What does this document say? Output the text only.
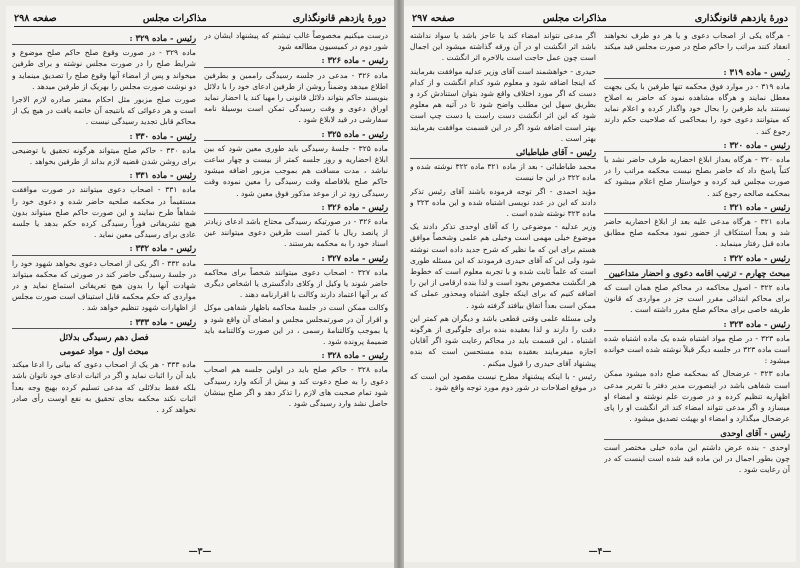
دورهٔ یازدهم قانونگذاری
مذاکرات مجلس
صفحه ۲۹۸

درست میکنیم مخصوصاً غالب تیشتم که پیشنهاد ایشان در شور دوم در کمیسیون مطالعه شود

رئیس - ماده ۳۲۶ :

ماده ۳۲۶ - مدعی در جلسه رسیدگی راممین و بطرفین اطلاع میدهد وضمناً روشن از طرفین ادعای خود را با دلائل بنویسند حاکم بتواند دلائل قانونی را مهیا کند یا احضار نماید اوراق دعوی و وقت رسیدگی تمکن است بوسیلهٔ نامه سفارشی در قید لابلاغ شود .

رئیس - ماده ۳۲۵ :

ماده ۳۲۵ - جلسهٔ رسیدگی باید طوری معین شود که بین ابلاغ احضاریه و روز جلسه کمتر از بیست و چهار ساعت نباشد ، مدت مسافت هم بموجب مزبور اضافه میشود حاکم صلح بلافاصله وقت رسیدگی را معین نموده وقت رسیدگی زود تر از موعد مذکور فوق معین شود .

رئیس - ماده ۳۲۶ :

ماده ۳۲۶ - در صورتیکه رسیدگی محتاج باشد ادعای زیادتر از پانصد ریال با کمتر است طرفین دعوی میتوانند عین اسناد خود را به محکمه بفرستند .

رئیس - ماده ۳۲۷ :

ماده ۳۲۷ - اصحاب دعوی میتوانند شخصاً برای محاکمه حاضر شوند یا وکیل از وکلای دادگستری یا اشخاص دیگری که بر آنها اعتماد دارند وکالت با اقرارنامه دهند .

وکالت ممکن است در جلسهٔ محاکمه باظهار شفاهی موکل و اقرار آن در صورتمجلس مجلس و امضای آن واقع شود و یا بموجب وکالتنامهٔ رسمی ، در این صورت وکالتنامه باید ضمیمهٔ پرونده شود .

رئیس - ماده ۳۲۸ :

ماده ۳۲۸ - حاکم صلح باید در اولین جلسه هم اصحاب دعوی را به صلح دعوت کند و بیش از آنکه وارد رسیدگی شود تمام صحبت های لازم را تذکر دهد و اگر صلح بینشان حاصل نشد وارد رسیدگی شود .

رئیس - ماده ۳۲۹ :

ماده ۳۲۹ - در صورت وقوع صلح حاکم صلح موضوع و شرایط صلح را در صورت مجلس نوشته و برای طرفین میخواند و پس از امضاء آنها وقوع صلح را تصدیق مینماید و دو نوشت صورت مجلس را بهریک از طرفین میدهد .

صورت صلح مزبور مثل احکام معتبر صادره لازم الاجرا است و هر دعوائی که بانتیجه آن خاتمه یافت در هیچ یک از محاکم قابل تجدید رسیدگی نیست .

رئیس - ماده ۳۳۰ :

ماده ۳۳۰ - حاکم صلح میتواند هرگونه تحقیق یا توضیحی برای روشن شدن قضیه لازم بداند از طرفین بخواهد .

رئیس - ماده ۳۳۱ :

ماده ۳۳۱ - اصحاب دعوی میتوانند در صورت موافقت مستقیماً در محکمه صلحیه حاضر شده و دعوی خود را شفاهاً طرح نمایند و این صورت حاکم صلح میتواند بدون هیچ تشریفاتی فوراً رسیدگی کرده حکم بدهد یا جلسه عادی برای رسیدگی معین نماید .

رئیس - ماده ۳۳۲ :

ماده ۳۳۲ - اگر یکی از اصحاب دعوی بخواهد شهود خود را در جلسهٔ رسیدگی حاضر کند در صورتی که محکمه میتواند شهادت آنها را بدون هیچ تعریفاتی استماع نماید و در مواردی که حکم محکمه قابل استیناف است صورت مجلس از اظهارات شهود تنظیم خواهد شد .

رئیس - ماده ۳۳۳ :
فصل دهم رسیدگی بدلائل
مبحث اول - مواد عمومی

ماده ۳۳۳ - هر یک از اصحاب دعوی که بیانی را ادعا میکند باید آن را اثبات نماید و اگر در اثبات ادعای خود ناتوان باشد بلکه فقط بدلائلی که مدعی تسلیم کرده بهیچ وجه بعداً اثبات نکند محکمه بجای تحقیق به نفع اوست رأی صادر نخواهد کرد .

—۳—
دورهٔ یازدهم قانونگذاری
مذاکرات مجلس
صفحه ۲۹۷

- هرگاه یکی از اصحاب دعوی و یا هر دو طرف نخواهند انعقاد کنند مراتب را حاکم صلح در صورت مجلس قید میکند .

رئیس - ماده ۳۱۹ :

ماده ۳۱۹ - در موارد فوق محکمه تنها طرفین با یکی بجهت معطل نمایند و هرگاه مشاهده نمود که حاضر به اصلاح نیستند باید طرفین را بحال خود واگذار کرده و اعلام نماید که میتوانند دعوی خود را بمحاکمی که صلاحیت حکم دارند رجوع کند .

رئیس - ماده ۳۲۰ :

ماده ۳۲۰ - هرگاه بعداز ابلاغ احضاریه طرف حاضر نشد یا کتباً پاسخ داد که حاضر بصلح نیست محکمه مراتب را در صورت مجلس قید کرده و خواستار صلح اعلام میشود که بمحکمه صالحه رجوع کند .

رئیس - ماده ۳۲۱ :

ماده ۳۲۱ - هرگاه مدعی علیه بعد از ابلاغ احضاریه حاضر شد و بعداً استنکاف از حضور نمود محکمه صلح مطابق ماده قبل رفتار مینماید .

رئیس - ماده ۳۲۲ :
مبحث چهارم - ترتیب اقامه دعوی و احضار متداعیین

ماده ۳۲۲ - اصول محاکمه در محاکم صلح همان است که برای محاکم ابتدائی مقرر است جز در مواردی که قانون طریقه خاصی برای محاکم صلح مقرر داشته است .

رئیس - ماده ۳۲۳ :

ماده ۳۲۳ - در صلح مواد اشتباه شده یک ماده اشتباه شده است ماده ۳۲۳ در جلسه دیگر قبلاً نوشته شده است خوانده میشود :

ماده ۳۲۳ - عرضحال که بمحکمه صلح داده میشود ممکن است شفاهی باشد در اینصورت مدیر دفتر با تقریر مدعی اظهاریه تنظیم کرده و در صورت علم نوشته و امضاء او میسازد و اگر مدعی نتواند امضاء کند اثر انگشت او را پای عرضحال میگذارد و امضاء او بهیئت تصدیق میشود .

رئیس - آقای اوحدی

اوحدی - بنده عرض داشتم این ماده خیلی مختصر است چون بطور اجمال در این ماده قید شده است اینست که در آن رعایت شود .

اگر مدعی نتواند امضاء کند یا عاجز باشد یا سواد نداشته باشد اثر انگشت او در آن ورقه گذاشته میشود این اجمال است چون عمل حاجت است بالاخره اثر انگشت .

حیدری - خواهشمند است آقای وزیر عدلیه موافقت بفرمایند که اینجا اضافه شود و معلوم شود کدام انگشت و از کدام دست که اگر مورد اختلاف واقع شود بتوان استنادش کرد و بطریق سهل این مطلب واضح شود تا در آتیه هم معلوم شود که این اثر انگشت دست راست یا دست چپ است بهتر است اضافه شود اگر در این قسمت موافقت بفرمایند بهتر است .

رئیس - آقای طباطبائی

محمد طباطبائی - بعد از ماده ۳۲۱ ماده ۳۲۲ نوشته شده و ماده ۳۲۲ در این جا نیست

مؤید احمدی - اگر توجه فرموده باشند آقای رئیس تذکر دادند که این در عدد نویسی اشتباه شده و این ماده ۳۲۳ و ماده ۳۲۳ نوشته شده است .

وزیر عدلیه - موضوعی را که آقای اوحدی تذکر دادند یک موضوع خیلی مهمی است وخیلی هم علمی وشخصاً موافق هستم برای این که ما نظیر که شرح جدید داده است نوشته شود ولی این که آقای حیدری فرمودند که این مسئله طوری است که علماً ثابت شده و با تجربه معلوم است که خطوط هر انگشت مخصوص بخود است و لذا بنده ارقامی از این را اضافه کنیم که برای اینکه جلوی اشتباه ومحذور عملی که ممکن است بعداً اتفاق بیافتد گرفته شود .

ولی مسئله علمی وقتی قطعی باشد و دیگران هم کمتر این دقت را دارند و لذا بعقیده بنده برای جلوگیری از هرگونه اشتباه ، این قسمت باید در محاکم رعایت شود اگر آقایان اجازه میفرمایند بعقیده بنده مستحسن است که بنده پیشنهاد آقای حیدری را قبول میکنم .

رئیس - با اینکه پیشنهاد مطرح نیست مقصود این است که در موقع اصلاحات در شور دوم مورد توجه واقع شود .

—۴—
